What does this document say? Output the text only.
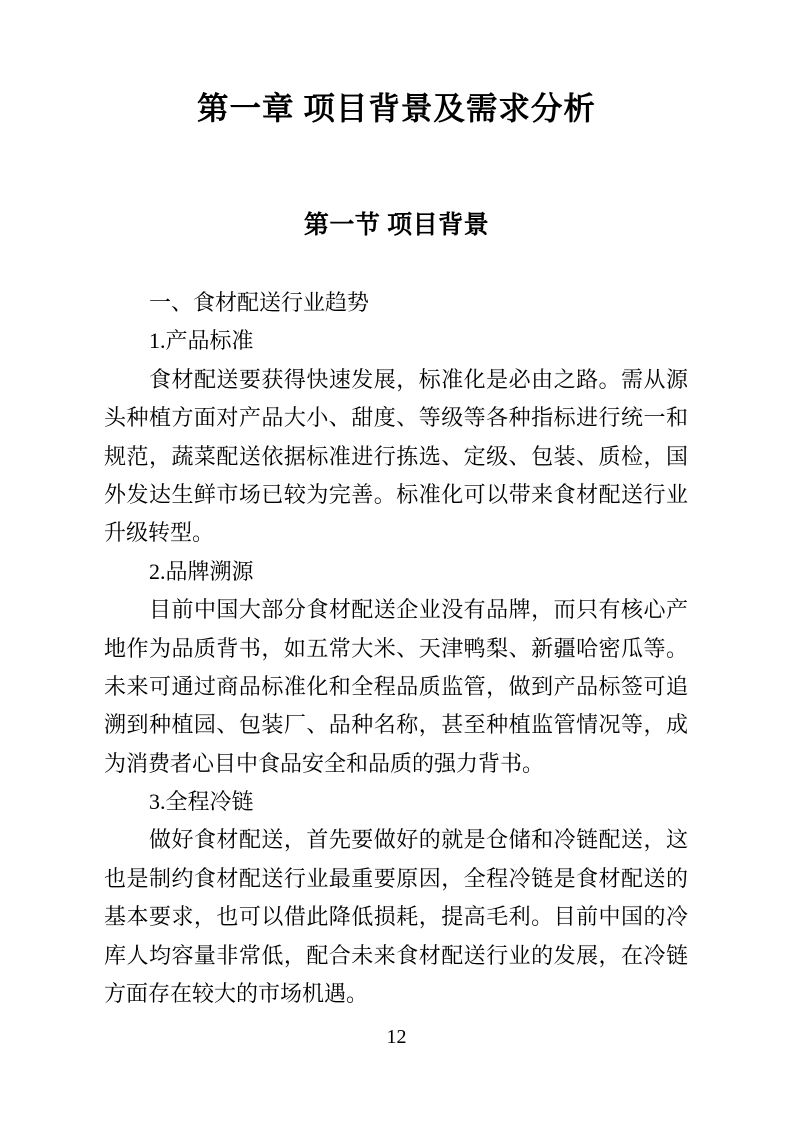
第一章 项目背景及需求分析
第一节 项目背景
一、食材配送行业趋势
1.产品标准
食材配送要获得快速发展，标准化是必由之路。需从源
头种植方面对产品大小、甜度、等级等各种指标进行统一和
规范，蔬菜配送依据标准进行拣选、定级、包装、质检，国
外发达生鲜市场已较为完善。标准化可以带来食材配送行业
升级转型。
2.品牌溯源
目前中国大部分食材配送企业没有品牌，而只有核心产
地作为品质背书，如五常大米、天津鸭梨、新疆哈密瓜等。
未来可通过商品标准化和全程品质监管，做到产品标签可追
溯到种植园、包装厂、品种名称，甚至种植监管情况等，成
为消费者心目中食品安全和品质的强力背书。
3.全程冷链
做好食材配送，首先要做好的就是仓储和冷链配送，这
也是制约食材配送行业最重要原因，全程冷链是食材配送的
基本要求，也可以借此降低损耗，提高毛利。目前中国的冷
库人均容量非常低，配合未来食材配送行业的发展，在冷链
方面存在较大的市场机遇。
12
